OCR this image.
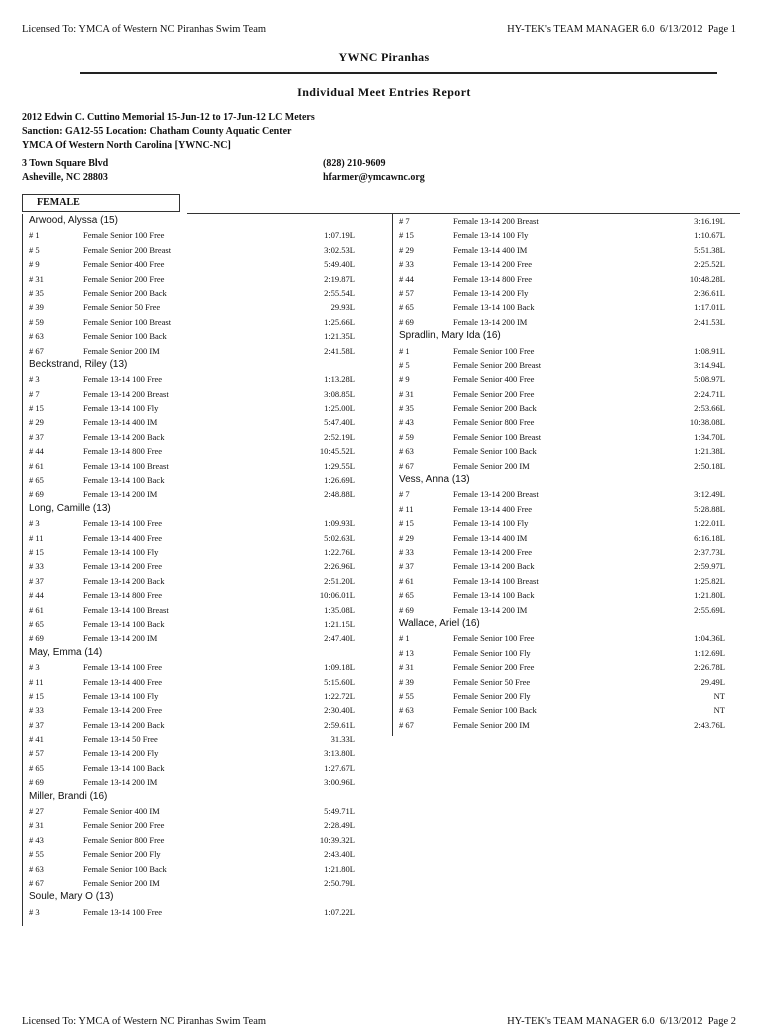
Licensed To: YMCA of Western NC Piranhas Swim Team	HY-TEK's TEAM MANAGER 6.0 6/13/2012 Page 1
YWNC Piranhas
Individual Meet Entries Report
2012 Edwin C. Cuttino Memorial 15-Jun-12 to 17-Jun-12 LC Meters
Sanction: GA12-55 Location: Chatham County Aquatic Center
YMCA Of Western North Carolina [YWNC-NC]
3 Town Square Blvd
Asheville, NC 28803
(828) 210-9609
hfarmer@ymcawnc.org
FEMALE
Arwood, Alyssa (15)
# 1	Female Senior 100 Free	1:07.19L
# 5	Female Senior 200 Breast	3:02.53L
# 9	Female Senior 400 Free	5:49.40L
# 31	Female Senior 200 Free	2:19.87L
# 35	Female Senior 200 Back	2:55.54L
# 39	Female Senior 50 Free	29.93L
# 59	Female Senior 100 Breast	1:25.66L
# 63	Female Senior 100 Back	1:21.35L
# 67	Female Senior 200 IM	2:41.58L
Beckstrand, Riley (13)
# 3	Female 13-14 100 Free	1:13.28L
# 7	Female 13-14 200 Breast	3:08.85L
# 15	Female 13-14 100 Fly	1:25.00L
# 29	Female 13-14 400 IM	5:47.40L
# 37	Female 13-14 200 Back	2:52.19L
# 44	Female 13-14 800 Free	10:45.52L
# 61	Female 13-14 100 Breast	1:29.55L
# 65	Female 13-14 100 Back	1:26.69L
# 69	Female 13-14 200 IM	2:48.88L
Long, Camille (13)
# 3	Female 13-14 100 Free	1:09.93L
# 11	Female 13-14 400 Free	5:02.63L
# 15	Female 13-14 100 Fly	1:22.76L
# 33	Female 13-14 200 Free	2:26.96L
# 37	Female 13-14 200 Back	2:51.20L
# 44	Female 13-14 800 Free	10:06.01L
# 61	Female 13-14 100 Breast	1:35.08L
# 65	Female 13-14 100 Back	1:21.15L
# 69	Female 13-14 200 IM	2:47.40L
May, Emma (14)
# 3	Female 13-14 100 Free	1:09.18L
# 11	Female 13-14 400 Free	5:15.60L
# 15	Female 13-14 100 Fly	1:22.72L
# 33	Female 13-14 200 Free	2:30.40L
# 37	Female 13-14 200 Back	2:59.61L
# 41	Female 13-14 50 Free	31.33L
# 57	Female 13-14 200 Fly	3:13.80L
# 65	Female 13-14 100 Back	1:27.67L
# 69	Female 13-14 200 IM	3:00.96L
Miller, Brandi (16)
# 27	Female Senior 400 IM	5:49.71L
# 31	Female Senior 200 Free	2:28.49L
# 43	Female Senior 800 Free	10:39.32L
# 55	Female Senior 200 Fly	2:43.40L
# 63	Female Senior 100 Back	1:21.80L
# 67	Female Senior 200 IM	2:50.79L
Soule, Mary O (13)
# 3	Female 13-14 100 Free	1:07.22L
# 7	Female 13-14 200 Breast	3:16.19L
# 15	Female 13-14 100 Fly	1:10.67L
# 29	Female 13-14 400 IM	5:51.38L
# 33	Female 13-14 200 Free	2:25.52L
# 44	Female 13-14 800 Free	10:48.28L
# 57	Female 13-14 200 Fly	2:36.61L
# 65	Female 13-14 100 Back	1:17.01L
# 69	Female 13-14 200 IM	2:41.53L
Spradlin, Mary Ida (16)
# 1	Female Senior 100 Free	1:08.91L
# 5	Female Senior 200 Breast	3:14.94L
# 9	Female Senior 400 Free	5:08.97L
# 31	Female Senior 200 Free	2:24.71L
# 35	Female Senior 200 Back	2:53.66L
# 43	Female Senior 800 Free	10:38.08L
# 59	Female Senior 100 Breast	1:34.70L
# 63	Female Senior 100 Back	1:21.38L
# 67	Female Senior 200 IM	2:50.18L
Vess, Anna (13)
# 7	Female 13-14 200 Breast	3:12.49L
# 11	Female 13-14 400 Free	5:28.88L
# 15	Female 13-14 100 Fly	1:22.01L
# 29	Female 13-14 400 IM	6:16.18L
# 33	Female 13-14 200 Free	2:37.73L
# 37	Female 13-14 200 Back	2:59.97L
# 61	Female 13-14 100 Breast	1:25.82L
# 65	Female 13-14 100 Back	1:21.80L
# 69	Female 13-14 200 IM	2:55.69L
Wallace, Ariel (16)
# 1	Female Senior 100 Free	1:04.36L
# 13	Female Senior 100 Fly	1:12.69L
# 31	Female Senior 200 Free	2:26.78L
# 39	Female Senior 50 Free	29.49L
# 55	Female Senior 200 Fly	NT
# 63	Female Senior 100 Back	NT
# 67	Female Senior 200 IM	2:43.76L
Licensed To: YMCA of Western NC Piranhas Swim Team	HY-TEK's TEAM MANAGER 6.0 6/13/2012 Page 2
